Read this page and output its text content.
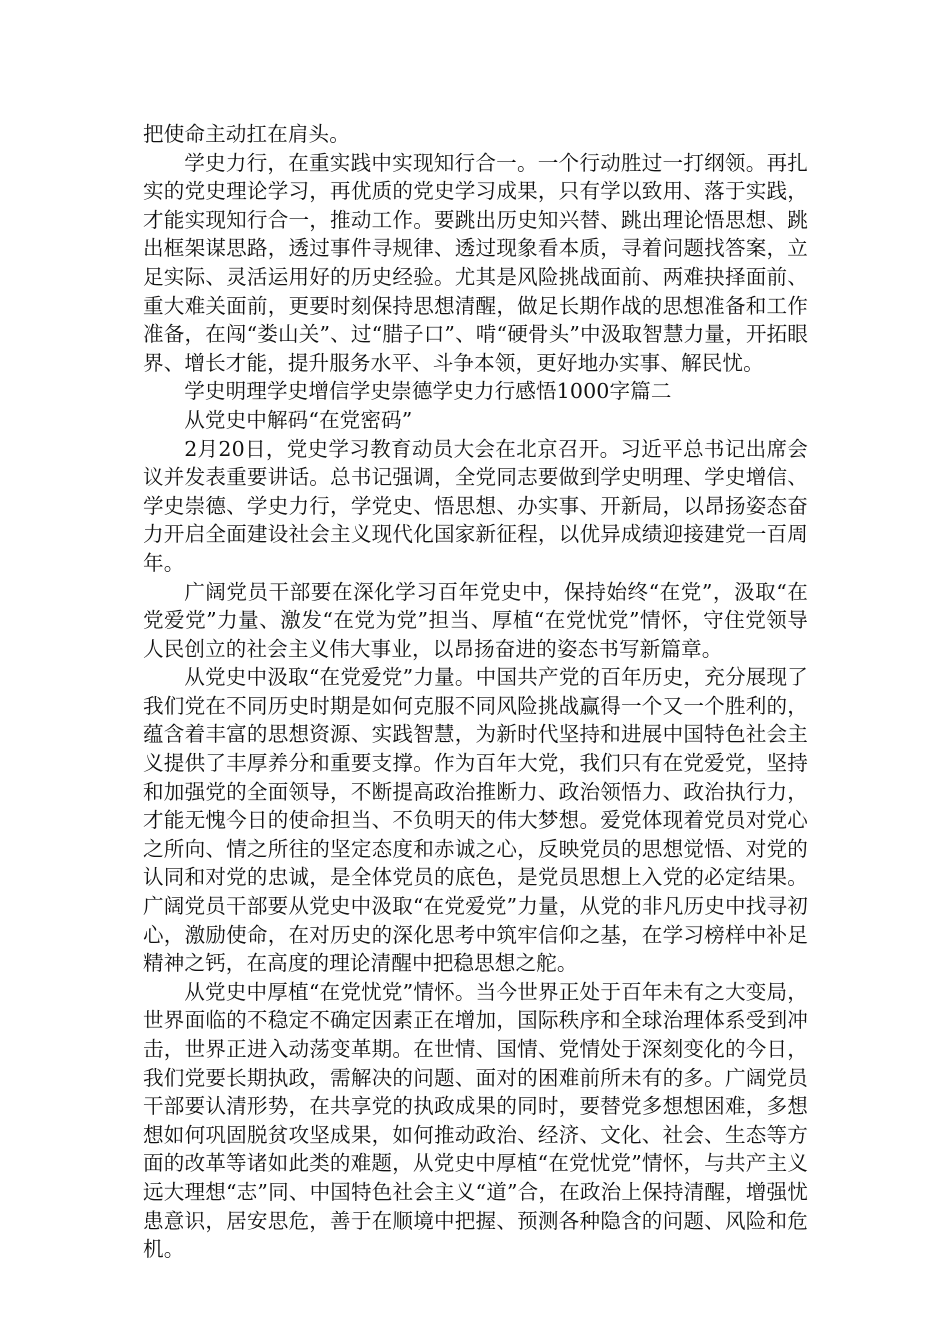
把使命主动扛在肩头。

学史力行，在重实践中实现知行合一。一个行动胜过一打纲领。再扎实的党史理论学习，再优质的党史学习成果，只有学以致用、落于实践，才能实现知行合一，推动工作。要跳出历史知兴替、跳出理论悟思想、跳出框架谋思路，透过事件寻规律、透过现象看本质，寻着问题找答案，立足实际、灵活运用好的历史经验。尤其是风险挑战面前、两难抉择面前、重大难关面前，更要时刻保持思想清醒，做足长期作战的思想准备和工作准备，在闯“娄山关”、过“腊子口”、啃“硬骨头”中汲取智慧力量，开拓眼界、增长才能，提升服务水平、斗争本领，更好地办实事、解民忧。

学史明理学史增信学史崇德学史力行感悟1000字篇二

从党史中解码“在党密码”

2月20日，党史学习教育动员大会在北京召开。习近平总书记出席会议并发表重要讲话。总书记强调，全党同志要做到学史明理、学史增信、学史崇德、学史力行，学党史、悟思想、办实事、开新局，以昂扬姿态奋力开启全面建设社会主义现代化国家新征程，以优异成绩迎接建党一百周年。

广阔党员干部要在深化学习百年党史中，保持始终“在党”，汲取“在党爱党”力量、激发“在党为党”担当、厚植“在党忧党”情怀，守住党领导人民创立的社会主义伟大事业，以昂扬奋进的姿态书写新篇章。

从党史中汲取“在党爱党”力量。中国共产党的百年历史，充分展现了我们党在不同历史时期是如何克服不同风险挑战赢得一个又一个胜利的，蕴含着丰富的思想资源、实践智慧，为新时代坚持和进展中国特色社会主义提供了丰厚养分和重要支撑。作为百年大党，我们只有在党爱党，坚持和加强党的全面领导，不断提高政治推断力、政治领悟力、政治执行力，才能无愧今日的使命担当、不负明天的伟大梦想。爱党体现着党员对党心之所向、情之所往的坚定态度和赤诚之心，反映党员的思想觉悟、对党的认同和对党的忠诚，是全体党员的底色，是党员思想上入党的必定结果。广阔党员干部要从党史中汲取“在党爱党”力量，从党的非凡历史中找寻初心，激励使命，在对历史的深化思考中筑牢信仰之基，在学习榜样中补足精神之钙，在高度的理论清醒中把稳思想之舵。

从党史中厚植“在党忧党”情怀。当今世界正处于百年未有之大变局，世界面临的不稳定不确定因素正在增加，国际秩序和全球治理体系受到冲击，世界正进入动荡变革期。在世情、国情、党情处于深刻变化的今日，我们党要长期执政，需解决的问题、面对的困难前所未有的多。广阔党员干部要认清形势，在共享党的执政成果的同时，要替党多想想困难，多想想如何巩固脱贫攻坚成果，如何推动政治、经济、文化、社会、生态等方面的改革等诸如此类的难题，从党史中厚植“在党忧党”情怀，与共产主义远大理想“志”同、中国特色社会主义“道”合，在政治上保持清醒，增强忧患意识，居安思危，善于在顺境中把握、预测各种隐含的问题、风险和危机。
